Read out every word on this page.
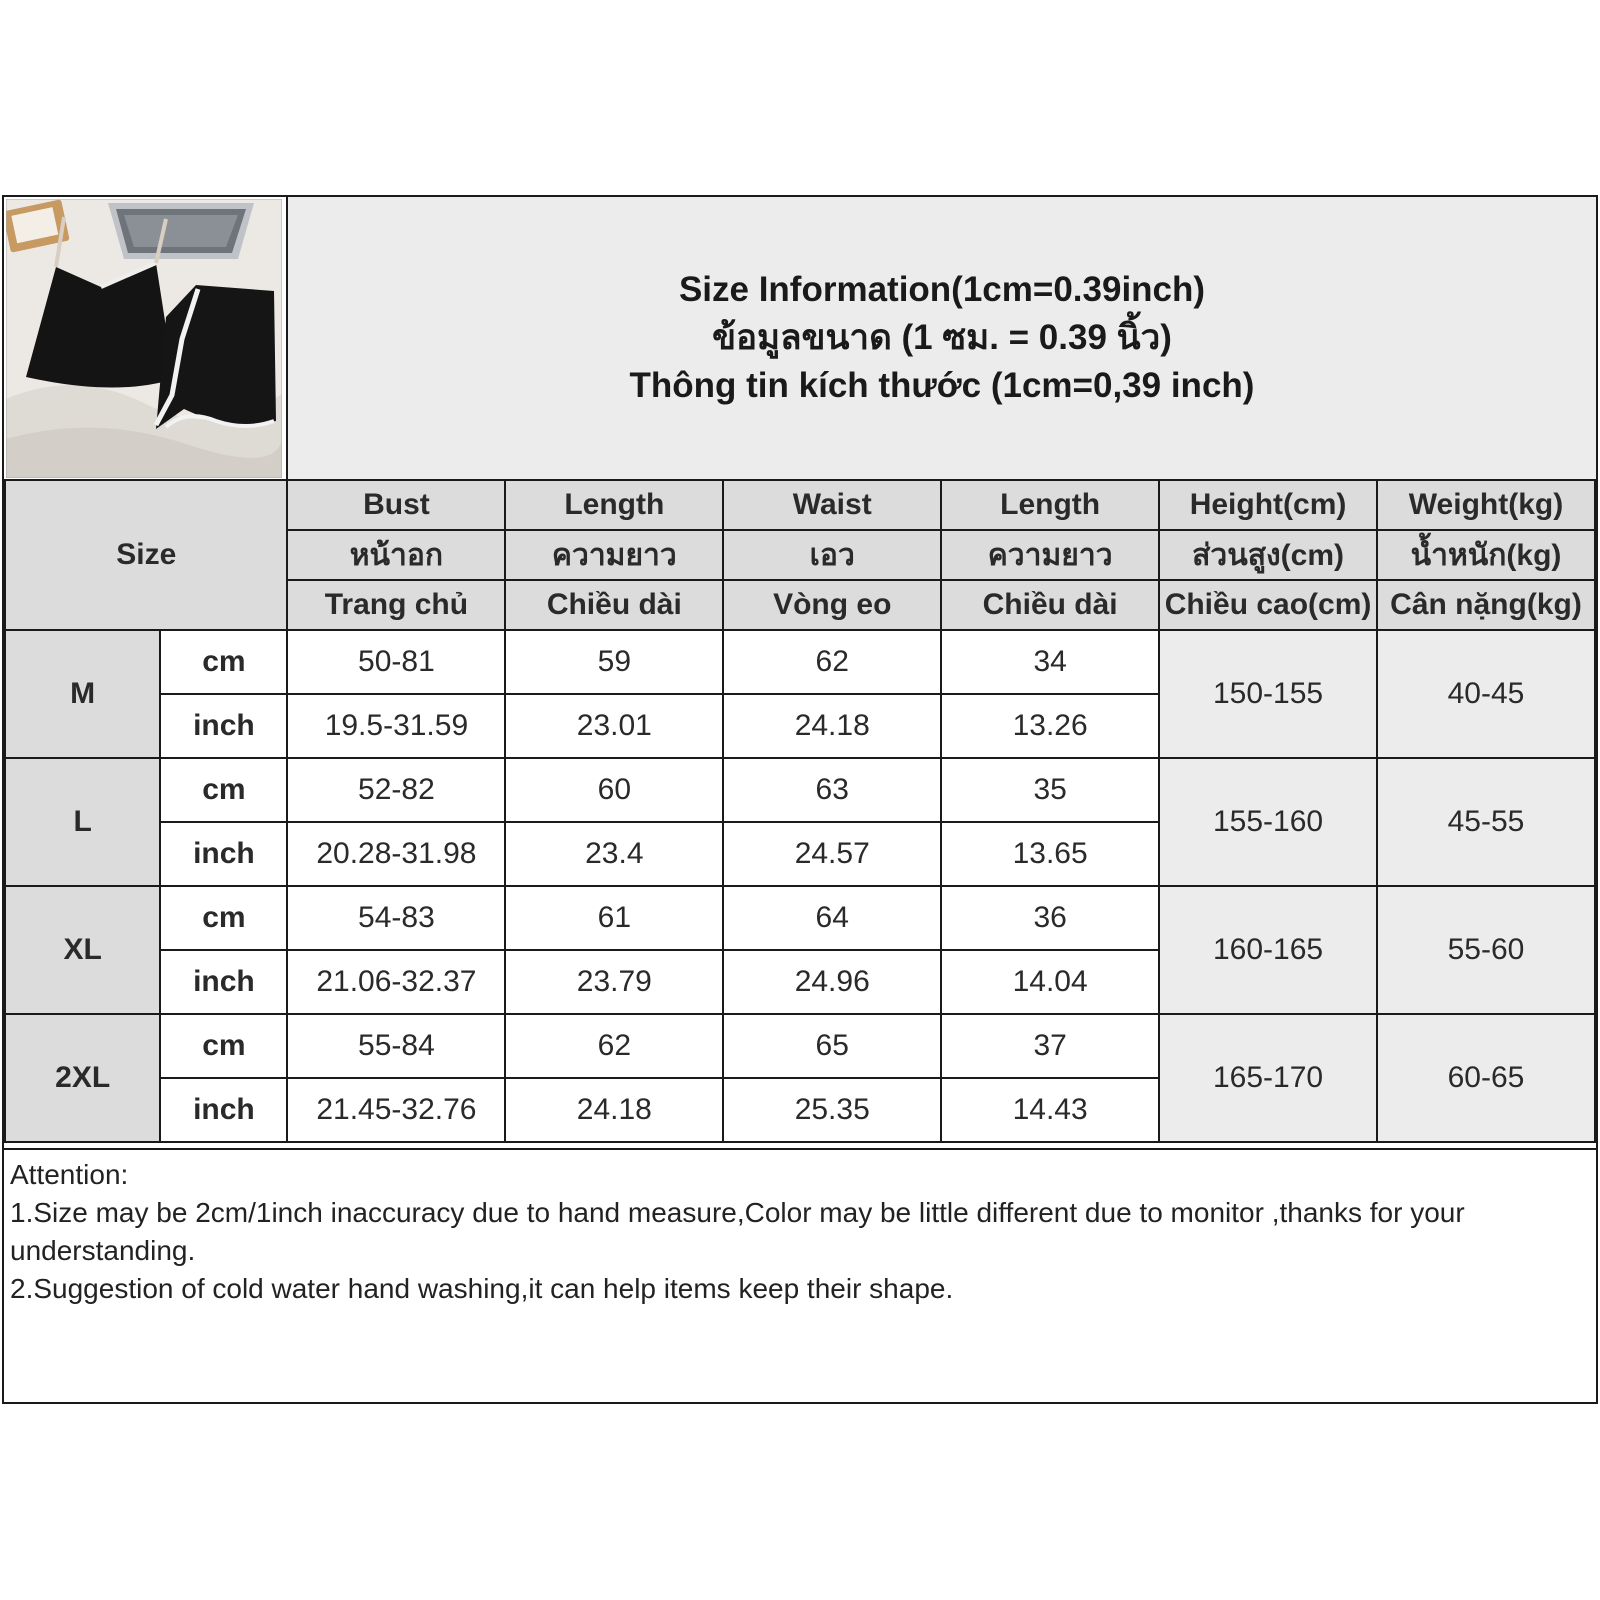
Size Information(1cm=0.39inch)
ข้อมูลขนาด (1 ซม. = 0.39 นิ้ว)
Thông tin kích thước (1cm=0,39 inch)
Size		Bust	Length	Waist	Length	Height(cm)	Weight(kg)
		หน้าอก	ความยาว	เอว	ความยาว	ส่วนสูง(cm)	น้ำหนัก(kg)
		Trang chủ	Chiều dài	Vòng eo	Chiều dài	Chiều cao(cm)	Cân nặng(kg)
M	cm	50-81	59	62	34	150-155	40-45
	inch	19.5-31.59	23.01	24.18	13.26		
L	cm	52-82	60	63	35	155-160	45-55
	inch	20.28-31.98	23.4	24.57	13.65		
XL	cm	54-83	61	64	36	160-165	55-60
	inch	21.06-32.37	23.79	24.96	14.04		
2XL	cm	55-84	62	65	37	165-170	60-65
	inch	21.45-32.76	24.18	25.35	14.43		
Attention:
1.Size may be 2cm/1inch inaccuracy due to hand measure,Color may be little different due to monitor ,thanks for your understanding.
2.Suggestion of cold water hand washing,it can help items keep their shape.
